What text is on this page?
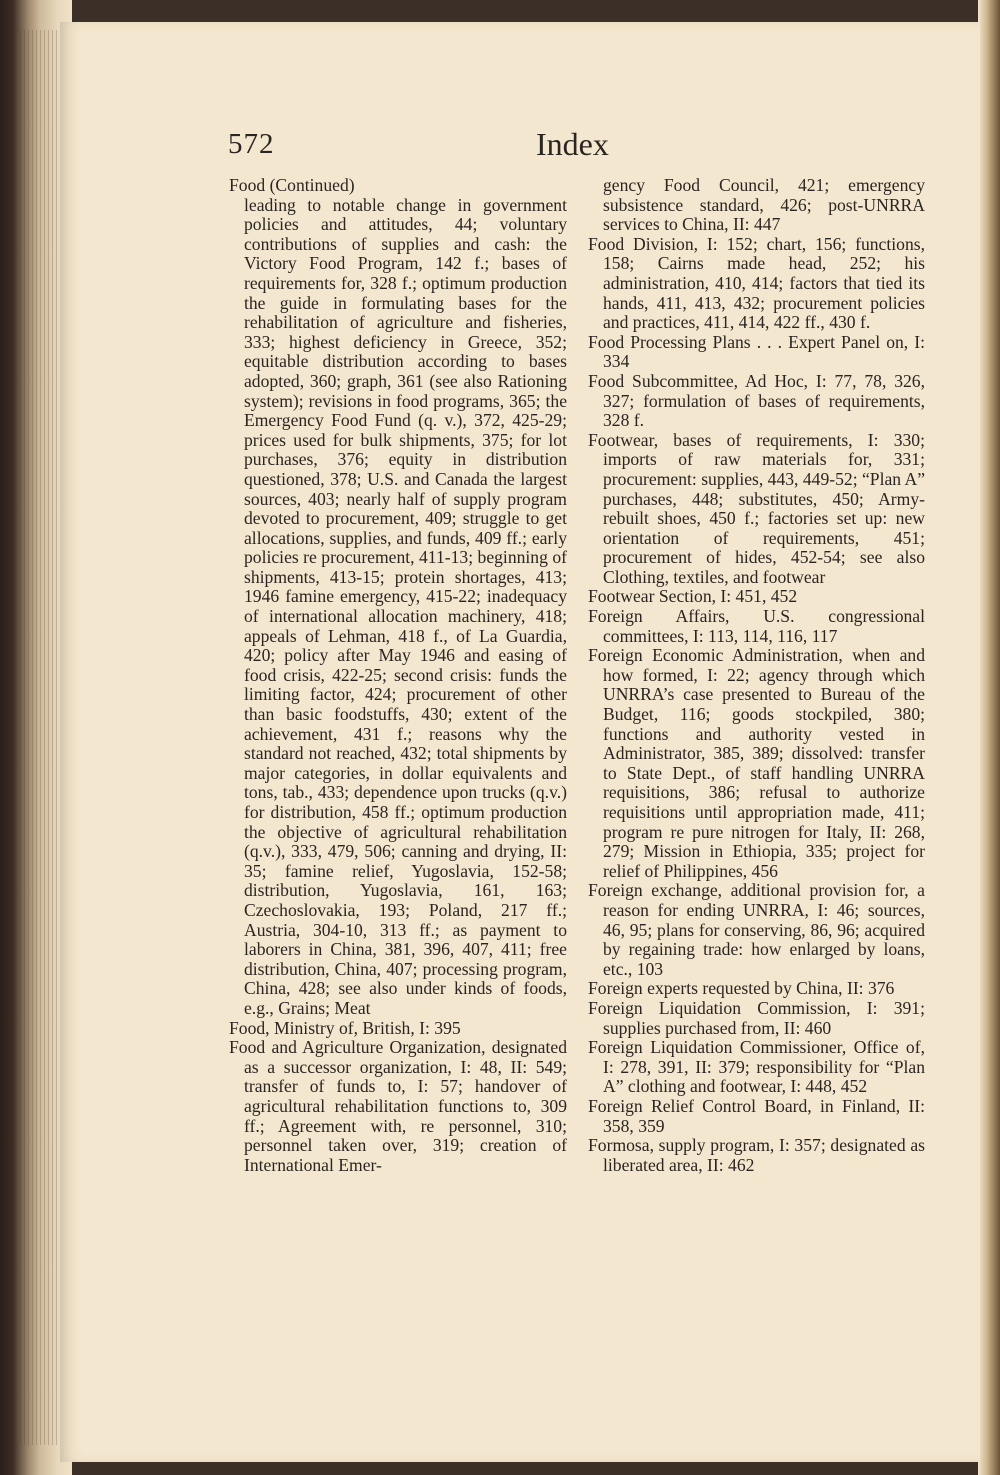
572	Index

Food (Continued)

leading to notable change in government policies and attitudes, 44; voluntary contributions of supplies and cash: the Victory Food Program, 142 f.; bases of requirements for, 328 f.; optimum production the guide in formulating bases for the rehabilitation of agriculture and fisheries, 333; highest deficiency in Greece, 352; equitable distribution according to bases adopted, 360; graph, 361 (see also Rationing system); revisions in food programs, 365; the Emergency Food Fund (q. v.), 372, 425-29; prices used for bulk shipments, 375; for lot purchases, 376; equity in distribution questioned, 378; U.S. and Canada the largest sources, 403; nearly half of supply program devoted to procurement, 409; struggle to get allocations, supplies, and funds, 409 ff.; early policies re procurement, 411-13; beginning of shipments, 413-15; protein shortages, 413; 1946 famine emergency, 415-22; inadequacy of international allocation machinery, 418; appeals of Lehman, 418 f., of La Guardia, 420; policy after May 1946 and easing of food crisis, 422-25; second crisis: funds the limiting factor, 424; procurement of other than basic foodstuffs, 430; extent of the achievement, 431 f.; reasons why the standard not reached, 432; total shipments by major categories, in dollar equivalents and tons, tab., 433; dependence upon trucks (q.v.) for distribution, 458 ff.; optimum production the objective of agricultural rehabilitation (q.v.), 333, 479, 506; canning and drying, II: 35; famine relief, Yugoslavia, 152-58; distribution, Yugoslavia, 161, 163; Czechoslovakia, 193; Poland, 217 ff.; Austria, 304-10, 313 ff.; as payment to laborers in China, 381, 396, 407, 411; free distribution, China, 407; processing program, China, 428; see also under kinds of foods, e.g., Grains; Meat

Food, Ministry of, British, I: 395

Food and Agriculture Organization, designated as a successor organization, I: 48, II: 549; transfer of funds to, I: 57; handover of agricultural rehabilitation functions to, 309 ff.; Agreement with, re personnel, 310; personnel taken over, 319; creation of International Emer-

gency Food Council, 421; emergency subsistence standard, 426; post-UNRRA services to China, II: 447

Food Division, I: 152; chart, 156; functions, 158; Cairns made head, 252; his administration, 410, 414; factors that tied its hands, 411, 413, 432; procurement policies and practices, 411, 414, 422 ff., 430 f.

Food Processing Plans . . . Expert Panel on, I: 334

Food Subcommittee, Ad Hoc, I: 77, 78, 326, 327; formulation of bases of requirements, 328 f.

Footwear, bases of requirements, I: 330; imports of raw materials for, 331; procurement: supplies, 443, 449-52; “Plan A” purchases, 448; substitutes, 450; Army-rebuilt shoes, 450 f.; factories set up: new orientation of requirements, 451; procurement of hides, 452-54; see also Clothing, textiles, and footwear

Footwear Section, I: 451, 452

Foreign Affairs, U.S. congressional committees, I: 113, 114, 116, 117

Foreign Economic Administration, when and how formed, I: 22; agency through which UNRRA’s case presented to Bureau of the Budget, 116; goods stockpiled, 380; functions and authority vested in Administrator, 385, 389; dissolved: transfer to State Dept., of staff handling UNRRA requisitions, 386; refusal to authorize requisitions until appropriation made, 411; program re pure nitrogen for Italy, II: 268, 279; Mission in Ethiopia, 335; project for relief of Philippines, 456

Foreign exchange, additional provision for, a reason for ending UNRRA, I: 46; sources, 46, 95; plans for conserving, 86, 96; acquired by regaining trade: how enlarged by loans, etc., 103

Foreign experts requested by China, II: 376

Foreign Liquidation Commission, I: 391; supplies purchased from, II: 460

Foreign Liquidation Commissioner, Office of, I: 278, 391, II: 379; responsibility for “Plan A” clothing and footwear, I: 448, 452

Foreign Relief Control Board, in Finland, II: 358, 359

Formosa, supply program, I: 357; designated as liberated area, II: 462
